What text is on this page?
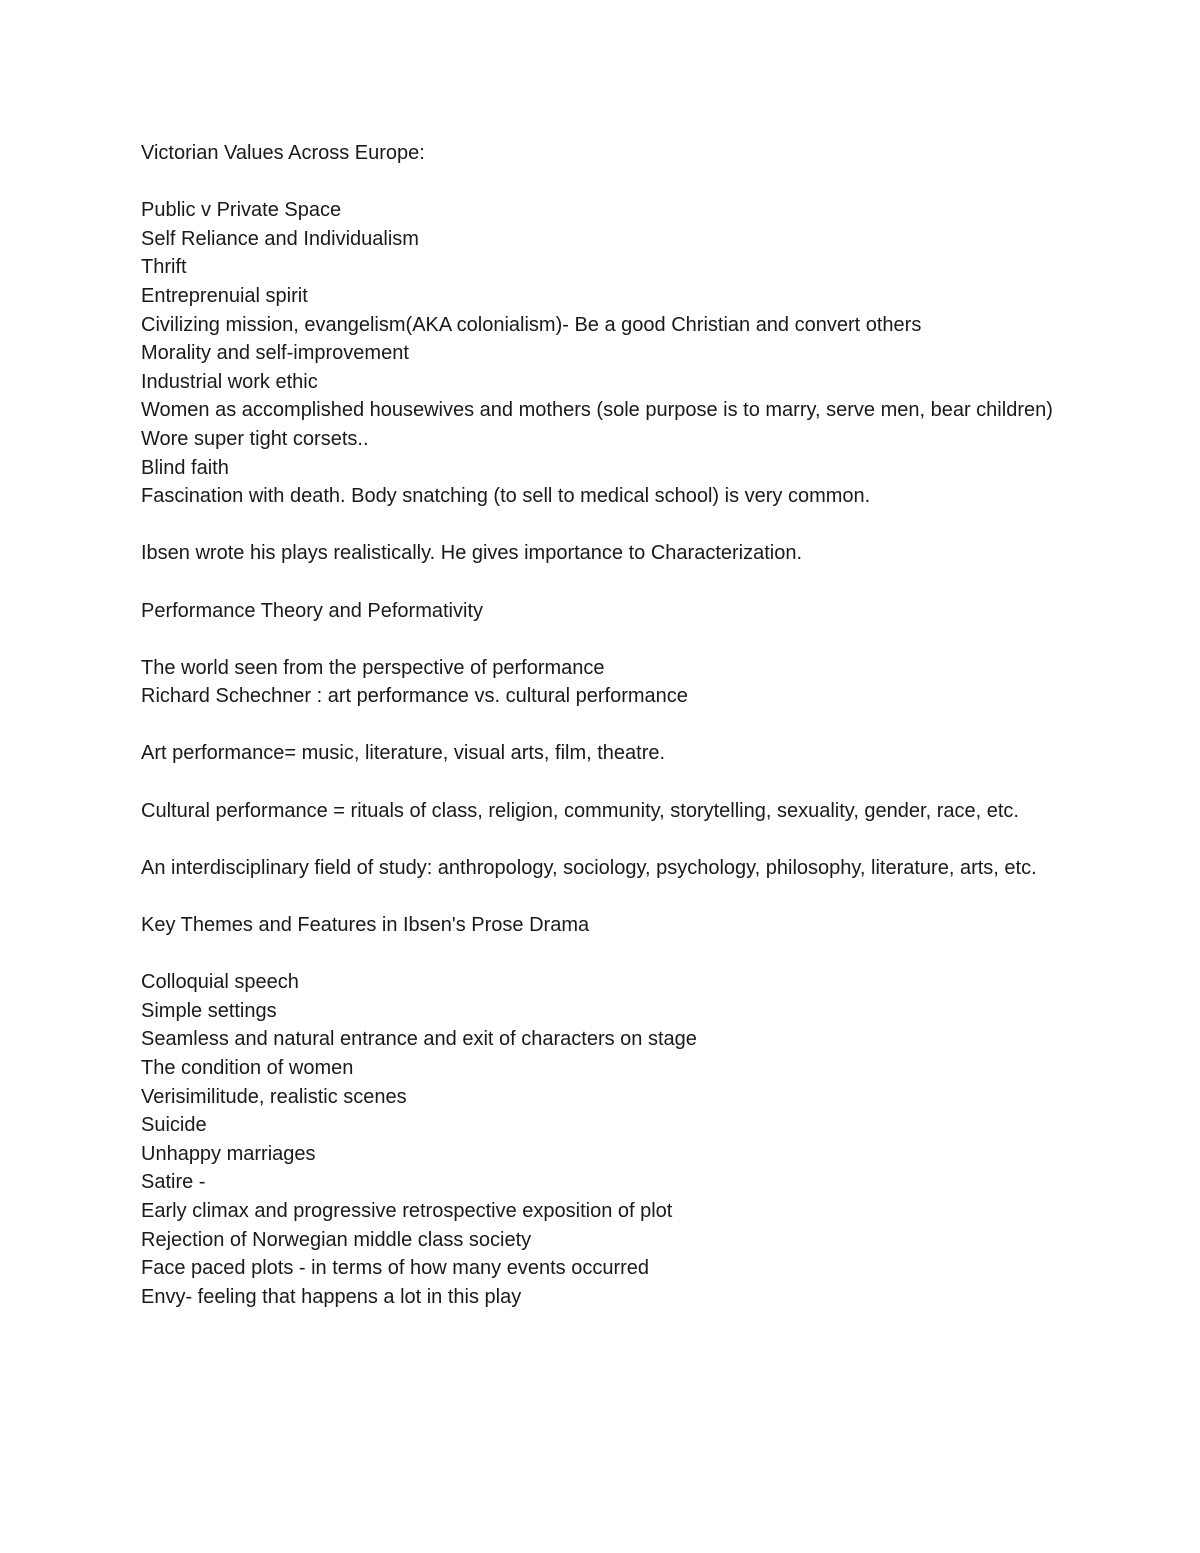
Victorian Values Across Europe:

Public v Private Space

Self Reliance and Individualism

Thrift

Entreprenuial spirit

Civilizing mission, evangelism(AKA colonialism)- Be a good Christian and convert others

Morality and self-improvement

Industrial work ethic

Women as accomplished housewives and mothers (sole purpose is to marry, serve men, bear children) Wore super tight corsets..

Blind faith

Fascination with death. Body snatching (to sell to medical school) is very common.

Ibsen wrote his plays realistically. He gives importance to Characterization.

Performance Theory and Peformativity

The world seen from the perspective of performance

Richard Schechner : art performance vs. cultural performance

Art performance= music, literature, visual arts, film, theatre.

Cultural performance = rituals of class, religion, community, storytelling, sexuality, gender, race, etc.

An interdisciplinary field of study: anthropology, sociology, psychology, philosophy, literature, arts, etc.

Key Themes and Features in Ibsen's Prose Drama

Colloquial speech

Simple settings

Seamless and natural entrance and exit of characters on stage

The condition of women

Verisimilitude, realistic scenes

Suicide

Unhappy marriages

Satire -

Early climax and progressive retrospective exposition of plot

Rejection of Norwegian middle class society

Face paced plots - in terms of how many events occurred

Envy- feeling that happens a lot in this play
